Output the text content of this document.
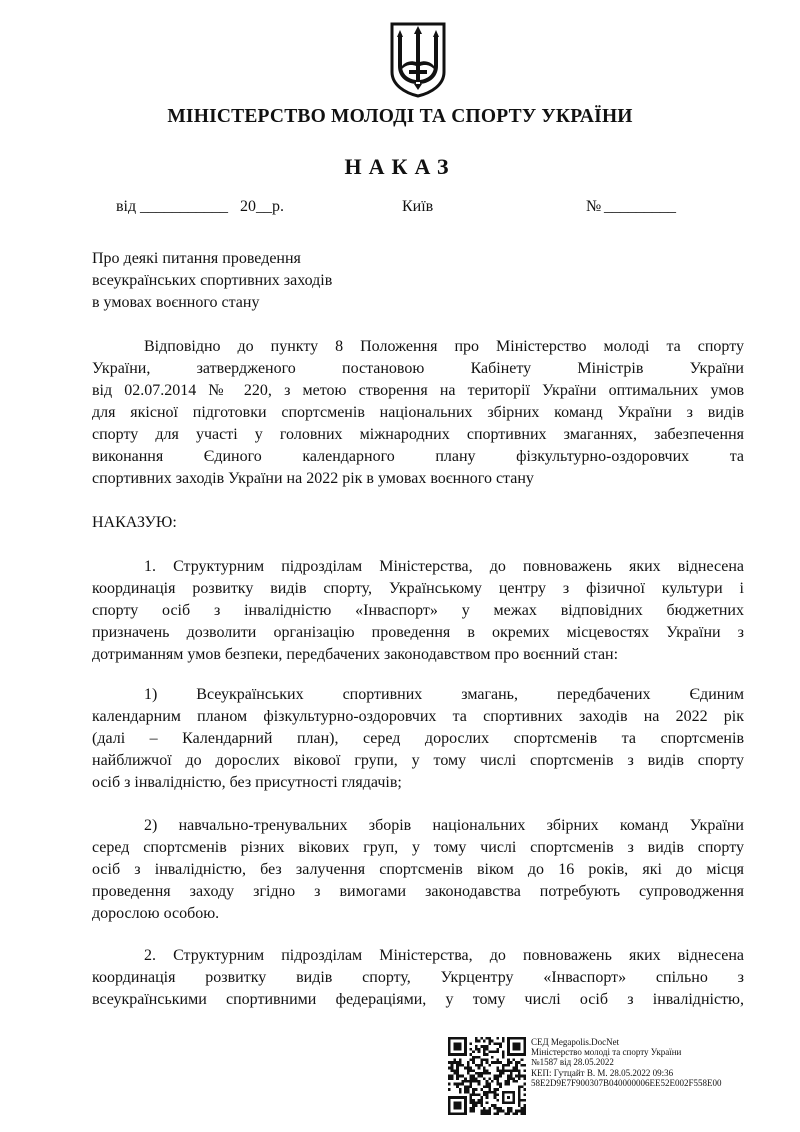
МІНІСТЕРСТВО МОЛОДІ ТА СПОРТУ УКРАЇНИ
НАКАЗ
від ___________ 20__р.	Київ	№ _________
Про деякі питання проведення
всеукраїнських спортивних заходів
в умовах воєнного стану
Відповідно до пункту 8 Положення про Міністерство молоді та спорту
України, затвердженого постановою Кабінету Міністрів України
від 02.07.2014 № 220, з метою створення на території України оптимальних умов
для якісної підготовки спортсменів національних збірних команд України з видів
спорту для участі у головних міжнародних спортивних змаганнях, забезпечення
виконання Єдиного календарного плану фізкультурно-оздоровчих та
спортивних заходів України на 2022 рік в умовах воєнного стану
НАКАЗУЮ:
1. Структурним підрозділам Міністерства, до повноважень яких віднесена
координація розвитку видів спорту, Українському центру з фізичної культури і
спорту осіб з інвалідністю «Інваспорт» у межах відповідних бюджетних
призначень дозволити організацію проведення в окремих місцевостях України з
дотриманням умов безпеки, передбачених законодавством про воєнний стан:
1) Всеукраїнських спортивних змагань, передбачених Єдиним
календарним планом фізкультурно-оздоровчих та спортивних заходів на 2022 рік
(далі – Календарний план), серед дорослих спортсменів та спортсменів
найближчої до дорослих вікової групи, у тому числі спортсменів з видів спорту
осіб з інвалідністю, без присутності глядачів;
2) навчально-тренувальних зборів національних збірних команд України
серед спортсменів різних вікових груп, у тому числі спортсменів з видів спорту
осіб з інвалідністю, без залучення спортсменів віком до 16 років, які до місця
проведення заходу згідно з вимогами законодавства потребують супроводження
дорослою особою.
2. Структурним підрозділам Міністерства, до повноважень яких віднесена
координація розвитку видів спорту, Укрцентру «Інваспорт» спільно з
всеукраїнськими спортивними федераціями, у тому числі осіб з інвалідністю,
СЕД Megapolis.DocNet
Міністерство молоді та спорту України
№1587 від 28.05.2022
КЕП: Гутцайт В. М. 28.05.2022 09:36
58E2D9E7F900307B040000006EE52E002F558E00
